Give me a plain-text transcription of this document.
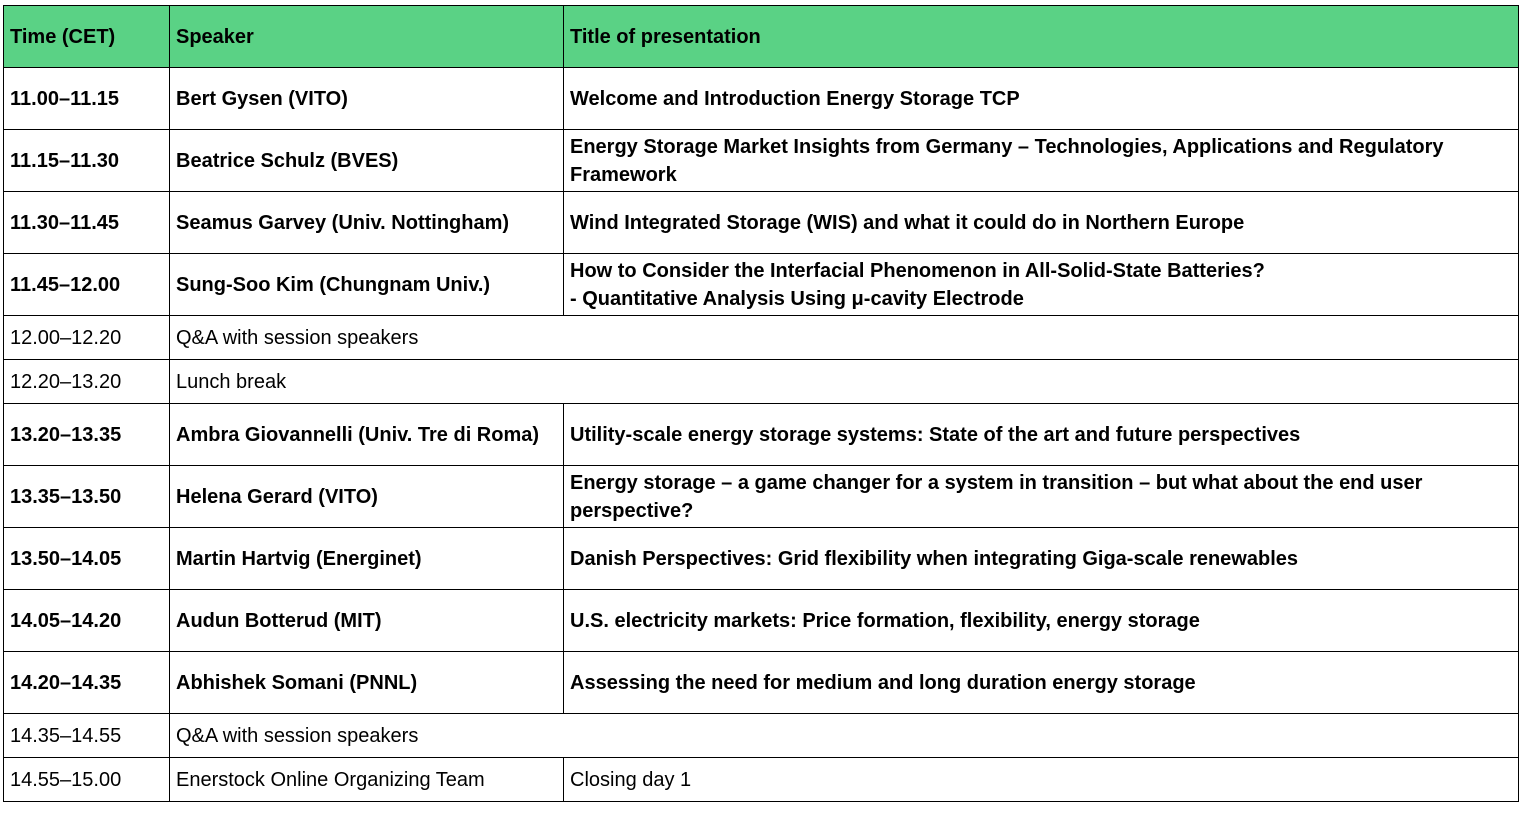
Time (CET)	Speaker	Title of presentation
11.00–11.15	Bert Gysen (VITO)	Welcome and Introduction Energy Storage TCP
11.15–11.30	Beatrice Schulz (BVES)	Energy Storage Market Insights from Germany – Technologies, Applications and Regulatory Framework
11.30–11.45	Seamus Garvey (Univ. Nottingham)	Wind Integrated Storage (WIS) and what it could do in Northern Europe
11.45–12.00	Sung-Soo Kim (Chungnam Univ.)	How to Consider the Interfacial Phenomenon in All-Solid-State Batteries?
- Quantitative Analysis Using μ-cavity Electrode

12.00–12.20	Q&A with session speakers	
12.20–13.20	Lunch break	
13.20–13.35	Ambra Giovannelli (Univ. Tre di Roma)	Utility-scale energy storage systems: State of the art and future perspectives
13.35–13.50	Helena Gerard (VITO)	Energy storage – a game changer for a system in transition – but what about the end user perspective?
13.50–14.05	Martin Hartvig (Energinet)	Danish Perspectives: Grid flexibility when integrating Giga-scale renewables
14.05–14.20	Audun Botterud (MIT)	U.S. electricity markets: Price formation, flexibility, energy storage
14.20–14.35	Abhishek Somani (PNNL)	Assessing the need for medium and long duration energy storage
14.35–14.55	Q&A with session speakers	
14.55–15.00	Enerstock Online Organizing Team	Closing day 1
